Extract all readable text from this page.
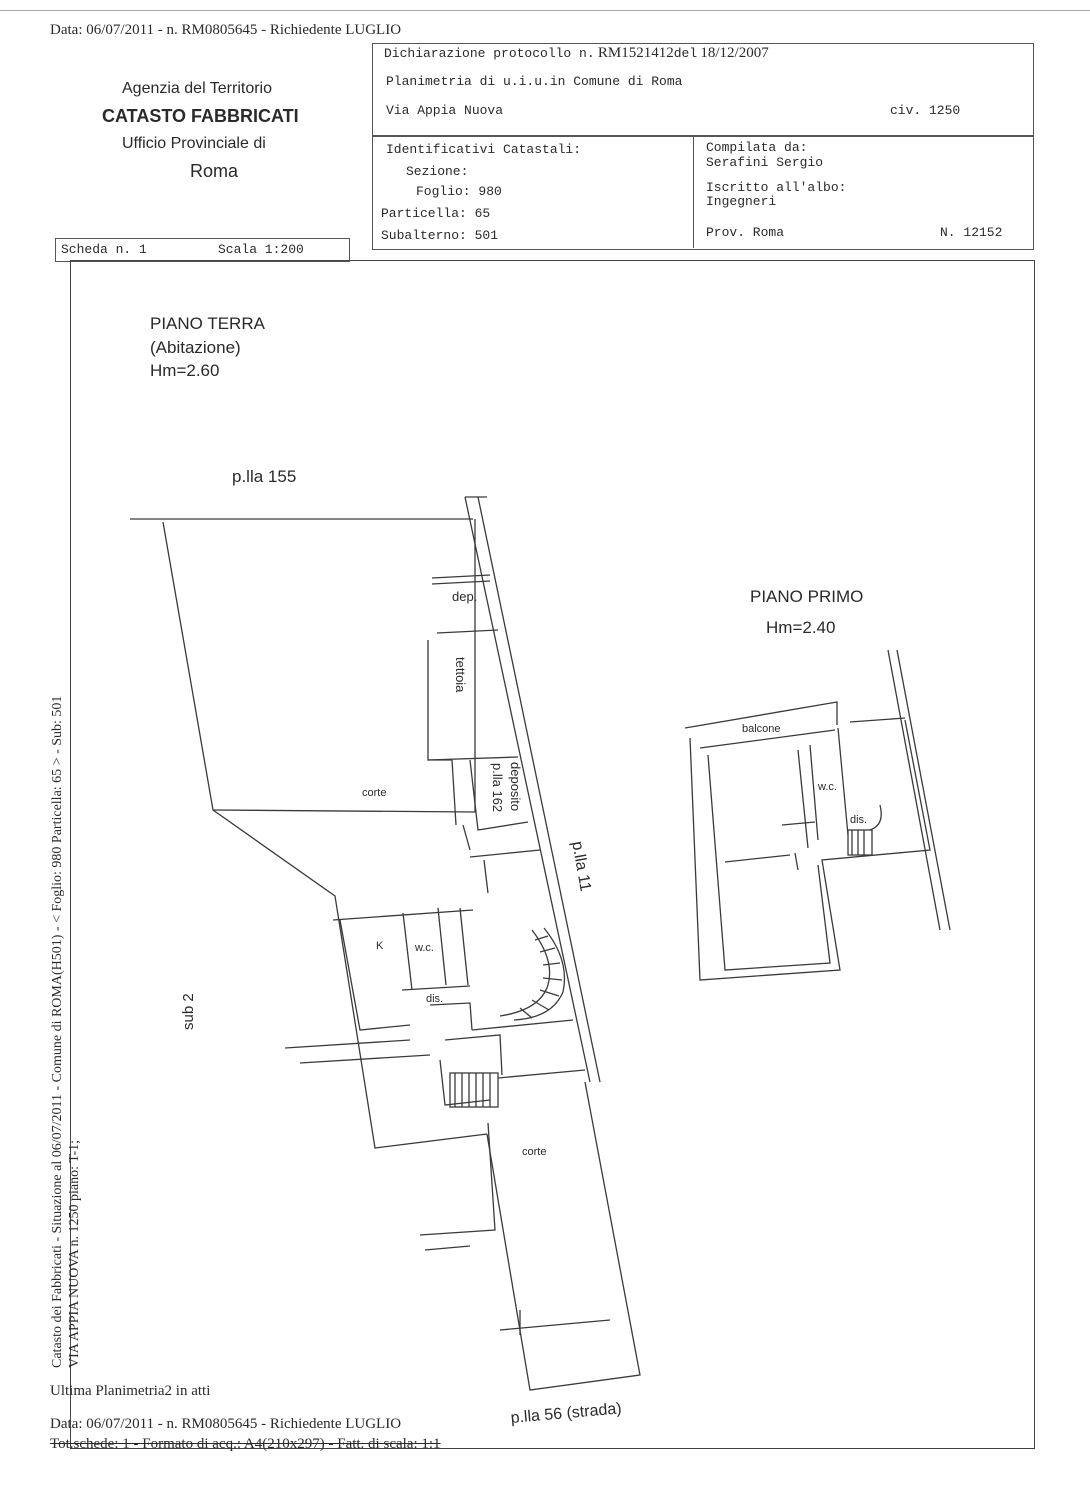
Data: 06/07/2011 - n. RM0805645 - Richiedente LUGLIO
Agenzia del Territorio
CATASTO FABBRICATI
Ufficio Provinciale di
Roma
Dichiarazione protocollo n. RM1521412del 18/12/2007
Planimetria di u.i.u.in Comune di Roma
Via Appia Nuova	civ. 1250
Identificativi Catastali:
Sezione:
Foglio: 980
Particella: 65
Subalterno: 501
Compilata da:
Serafini Sergio
Iscritto all'albo:
Ingegneri
Prov. Roma	N. 12152
Scheda n. 1	Scala 1:200
PIANO TERRA
(Abitazione)
Hm=2.60
p.lla 155
dep.
tettoia
deposito
p.lla 162
corte
p.lla 11
K	w.c.
dis.
sub 2
corte
p.lla 56 (strada)
PIANO PRIMO
Hm=2.40
balcone
w.c.
dis.
Catasto dei Fabbricati - Situazione al 06/07/2011 - Comune di ROMA(H501) - < Foglio: 980 Particella: 65 > - Sub: 501 VIA APPIA NUOVA n. 1250 piano: T-1;
Ultima Planimetria2 in atti
Data: 06/07/2011 - n. RM0805645 - Richiedente LUGLIO
Tot.schede: 1 - Formato di acq.: A4(210x297) - Fatt. di scala: 1:1
